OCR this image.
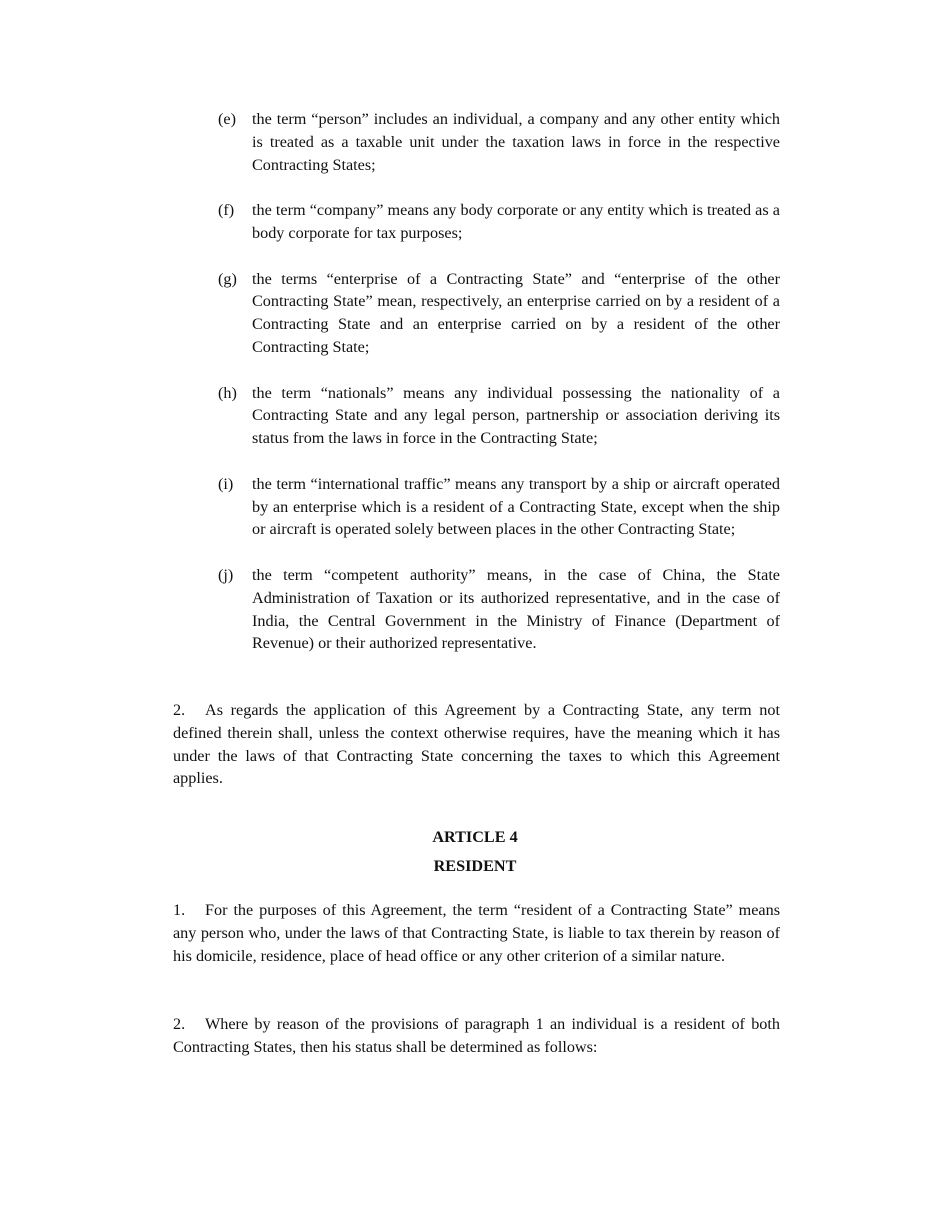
(e) the term “person” includes an individual, a company and any other entity which is treated as a taxable unit under the taxation laws in force in the respective Contracting States;
(f) the term “company” means any body corporate or any entity which is treated as a body corporate for tax purposes;
(g) the terms “enterprise of a Contracting State” and “enterprise of the other Contracting State” mean, respectively, an enterprise carried on by a resident of a Contracting State and an enterprise carried on by a resident of the other Contracting State;
(h) the term “nationals” means any individual possessing the nationality of a Contracting State and any legal person, partnership or association deriving its status from the laws in force in the Contracting State;
(i) the term “international traffic” means any transport by a ship or aircraft operated by an enterprise which is a resident of a Contracting State, except when the ship or aircraft is operated solely between places in the other Contracting State;
(j) the term “competent authority” means, in the case of China, the State Administration of Taxation or its authorized representative, and in the case of India, the Central Government in the Ministry of Finance (Department of Revenue) or their authorized representative.
2. As regards the application of this Agreement by a Contracting State, any term not defined therein shall, unless the context otherwise requires, have the meaning which it has under the laws of that Contracting State concerning the taxes to which this Agreement applies.
ARTICLE 4
RESIDENT
1. For the purposes of this Agreement, the term “resident of a Contracting State” means any person who, under the laws of that Contracting State, is liable to tax therein by reason of his domicile, residence, place of head office or any other criterion of a similar nature.
2. Where by reason of the provisions of paragraph 1 an individual is a resident of both Contracting States, then his status shall be determined as follows:
